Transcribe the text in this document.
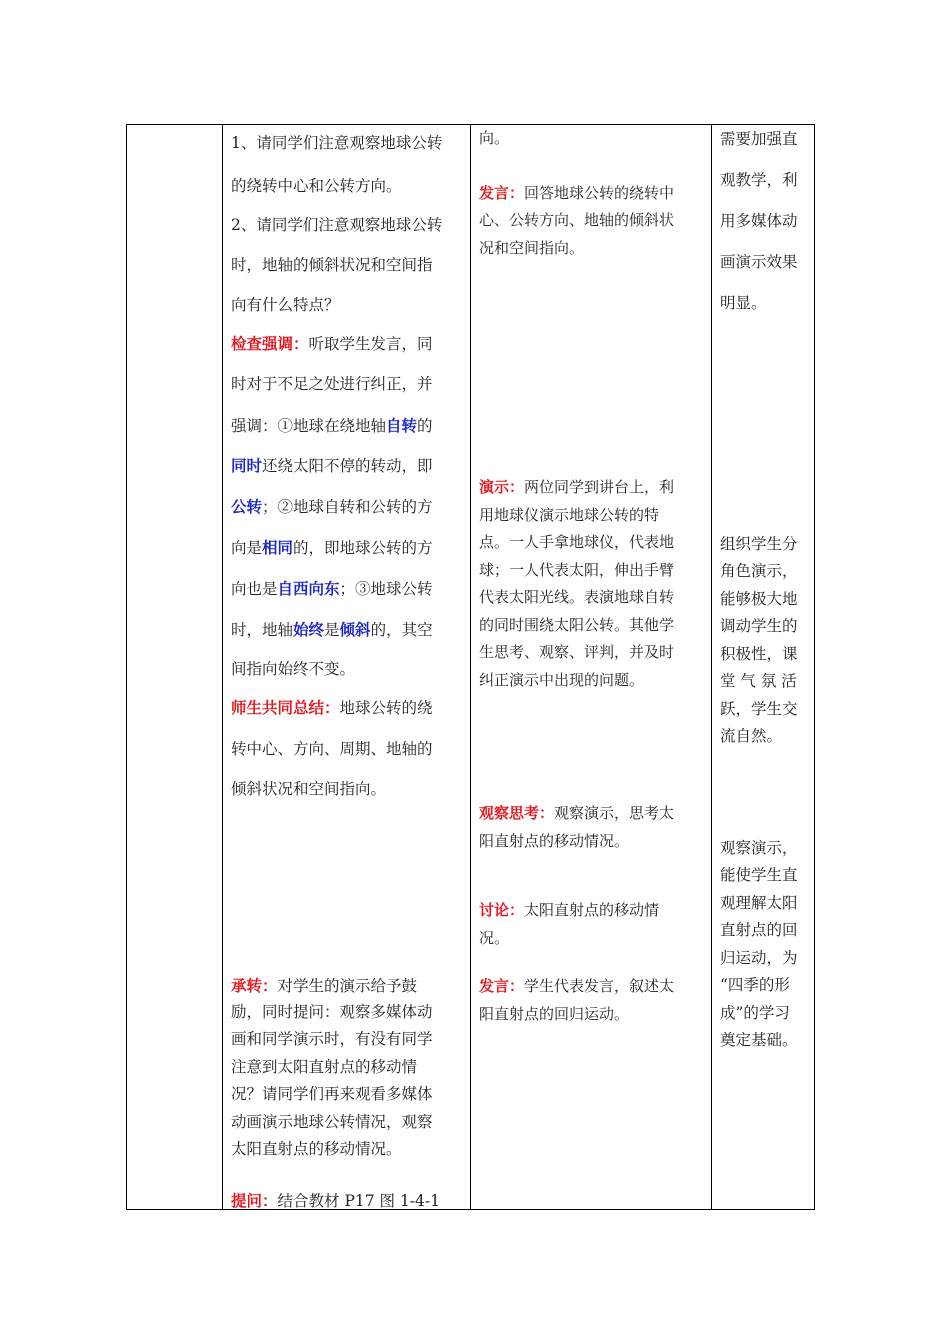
1、请同学们注意观察地球公转

的绕转中心和公转方向。

2、请同学们注意观察地球公转

时，地轴的倾斜状况和空间指

向有什么特点？

检查强调：听取学生发言，同

时对于不足之处进行纠正，并

强调：①地球在绕地轴自转的

同时还绕太阳不停的转动，即

公转；②地球自转和公转的方

向是相同的，即地球公转的方

向也是自西向东；③地球公转

时，地轴始终是倾斜的，其空

间指向始终不变。

师生共同总结：地球公转的绕

转中心、方向、周期、地轴的

倾斜状况和空间指向。

承转：对学生的演示给予鼓

励，同时提问：观察多媒体动

画和同学演示时，有没有同学

注意到太阳直射点的移动情

况？请同学们再来观看多媒体

动画演示地球公转情况，观察

太阳直射点的移动情况。

提问：结合教材 P17 图 1-4-1

向。

发言：回答地球公转的绕转中

心、公转方向、地轴的倾斜状

况和空间指向。

演示：两位同学到讲台上，利

用地球仪演示地球公转的特

点。一人手拿地球仪，代表地

球；一人代表太阳，伸出手臂

代表太阳光线。表演地球自转

的同时围绕太阳公转。其他学

生思考、观察、评判，并及时

纠正演示中出现的问题。

观察思考：观察演示，思考太

阳直射点的移动情况。

讨论：太阳直射点的移动情

况。

发言：学生代表发言，叙述太

阳直射点的回归运动。

需要加强直

观教学，利

用多媒体动

画演示效果

明显。

组织学生分

角色演示，

能够极大地

调动学生的

积极性，课

堂 气 氛 活

跃，学生交

流自然。

观察演示，

能使学生直

观理解太阳

直射点的回

归运动，为

“四季的形

成”的学习

奠定基础。
